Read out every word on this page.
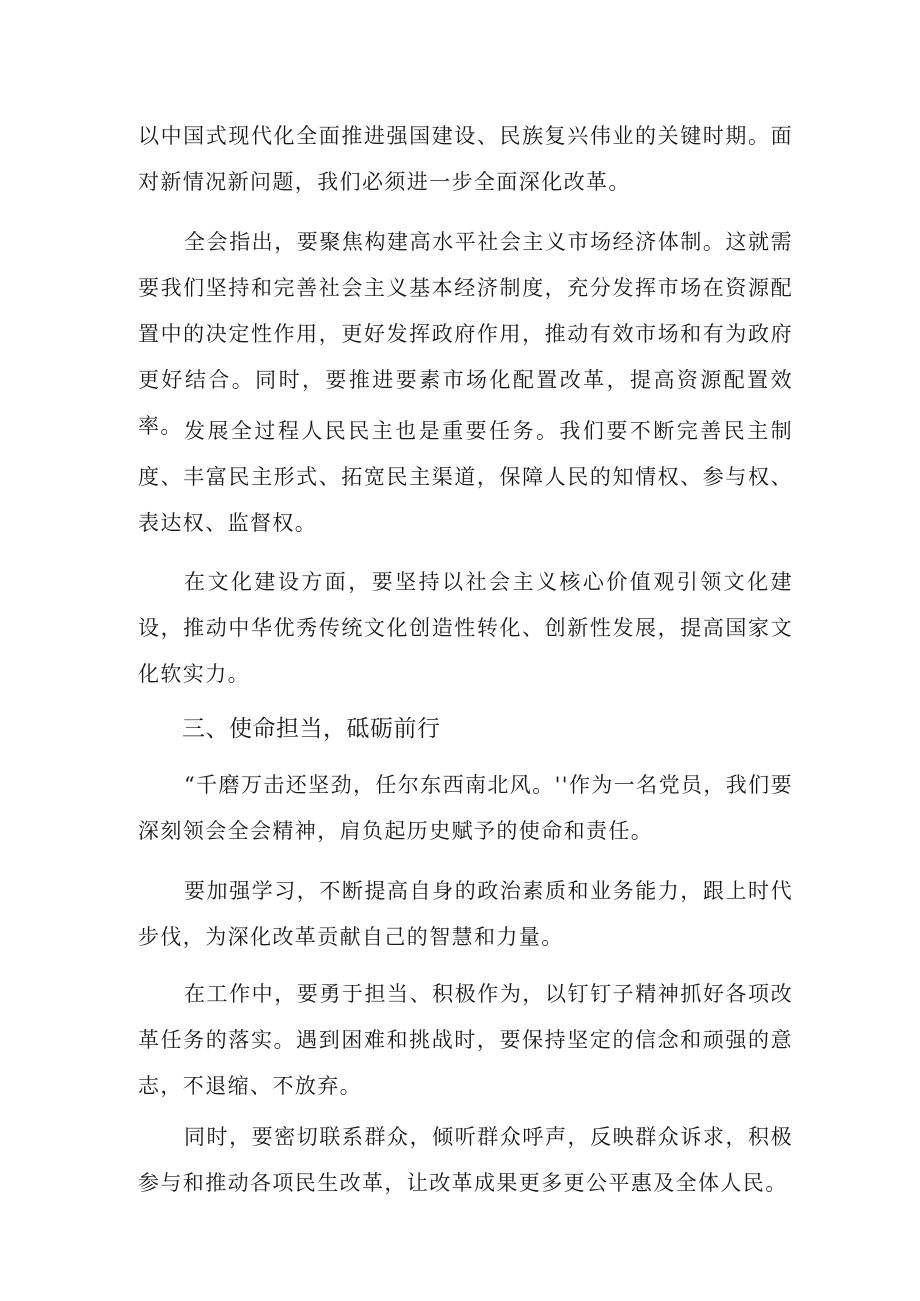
以中国式现代化全面推进强国建设、民族复兴伟业的关键时期。面对新情况新问题，我们必须进一步全面深化改革。

全会指出，要聚焦构建高水平社会主义市场经济体制。这就需要我们坚持和完善社会主义基本经济制度，充分发挥市场在资源配置中的决定性作用，更好发挥政府作用，推动有效市场和有为政府更好结合。同时，要推进要素市场化配置改革，提高资源配置效率。 发展全过程人民民主也是重要任务。我们要不断完善民主制度、丰富民主形式、拓宽民主渠道，保障人民的知情权、参与权、表达权、监督权。

在文化建设方面，要坚持以社会主义核心价值观引领文化建设，推动中华优秀传统文化创造性转化、创新性发展，提高国家文化软实力。

三、使命担当，砥砺前行

“千磨万击还坚劲，任尔东西南北风。''作为一名党员，我们要深刻领会全会精神，肩负起历史赋予的使命和责任。

要加强学习，不断提高自身的政治素质和业务能力，跟上时代步伐，为深化改革贡献自己的智慧和力量。

在工作中，要勇于担当、积极作为，以钉钉子精神抓好各项改革任务的落实。遇到困难和挑战时，要保持坚定的信念和顽强的意志，不退缩、不放弃。

同时，要密切联系群众，倾听群众呼声，反映群众诉求，积极参与和推动各项民生改革，让改革成果更多更公平惠及全体人民。
